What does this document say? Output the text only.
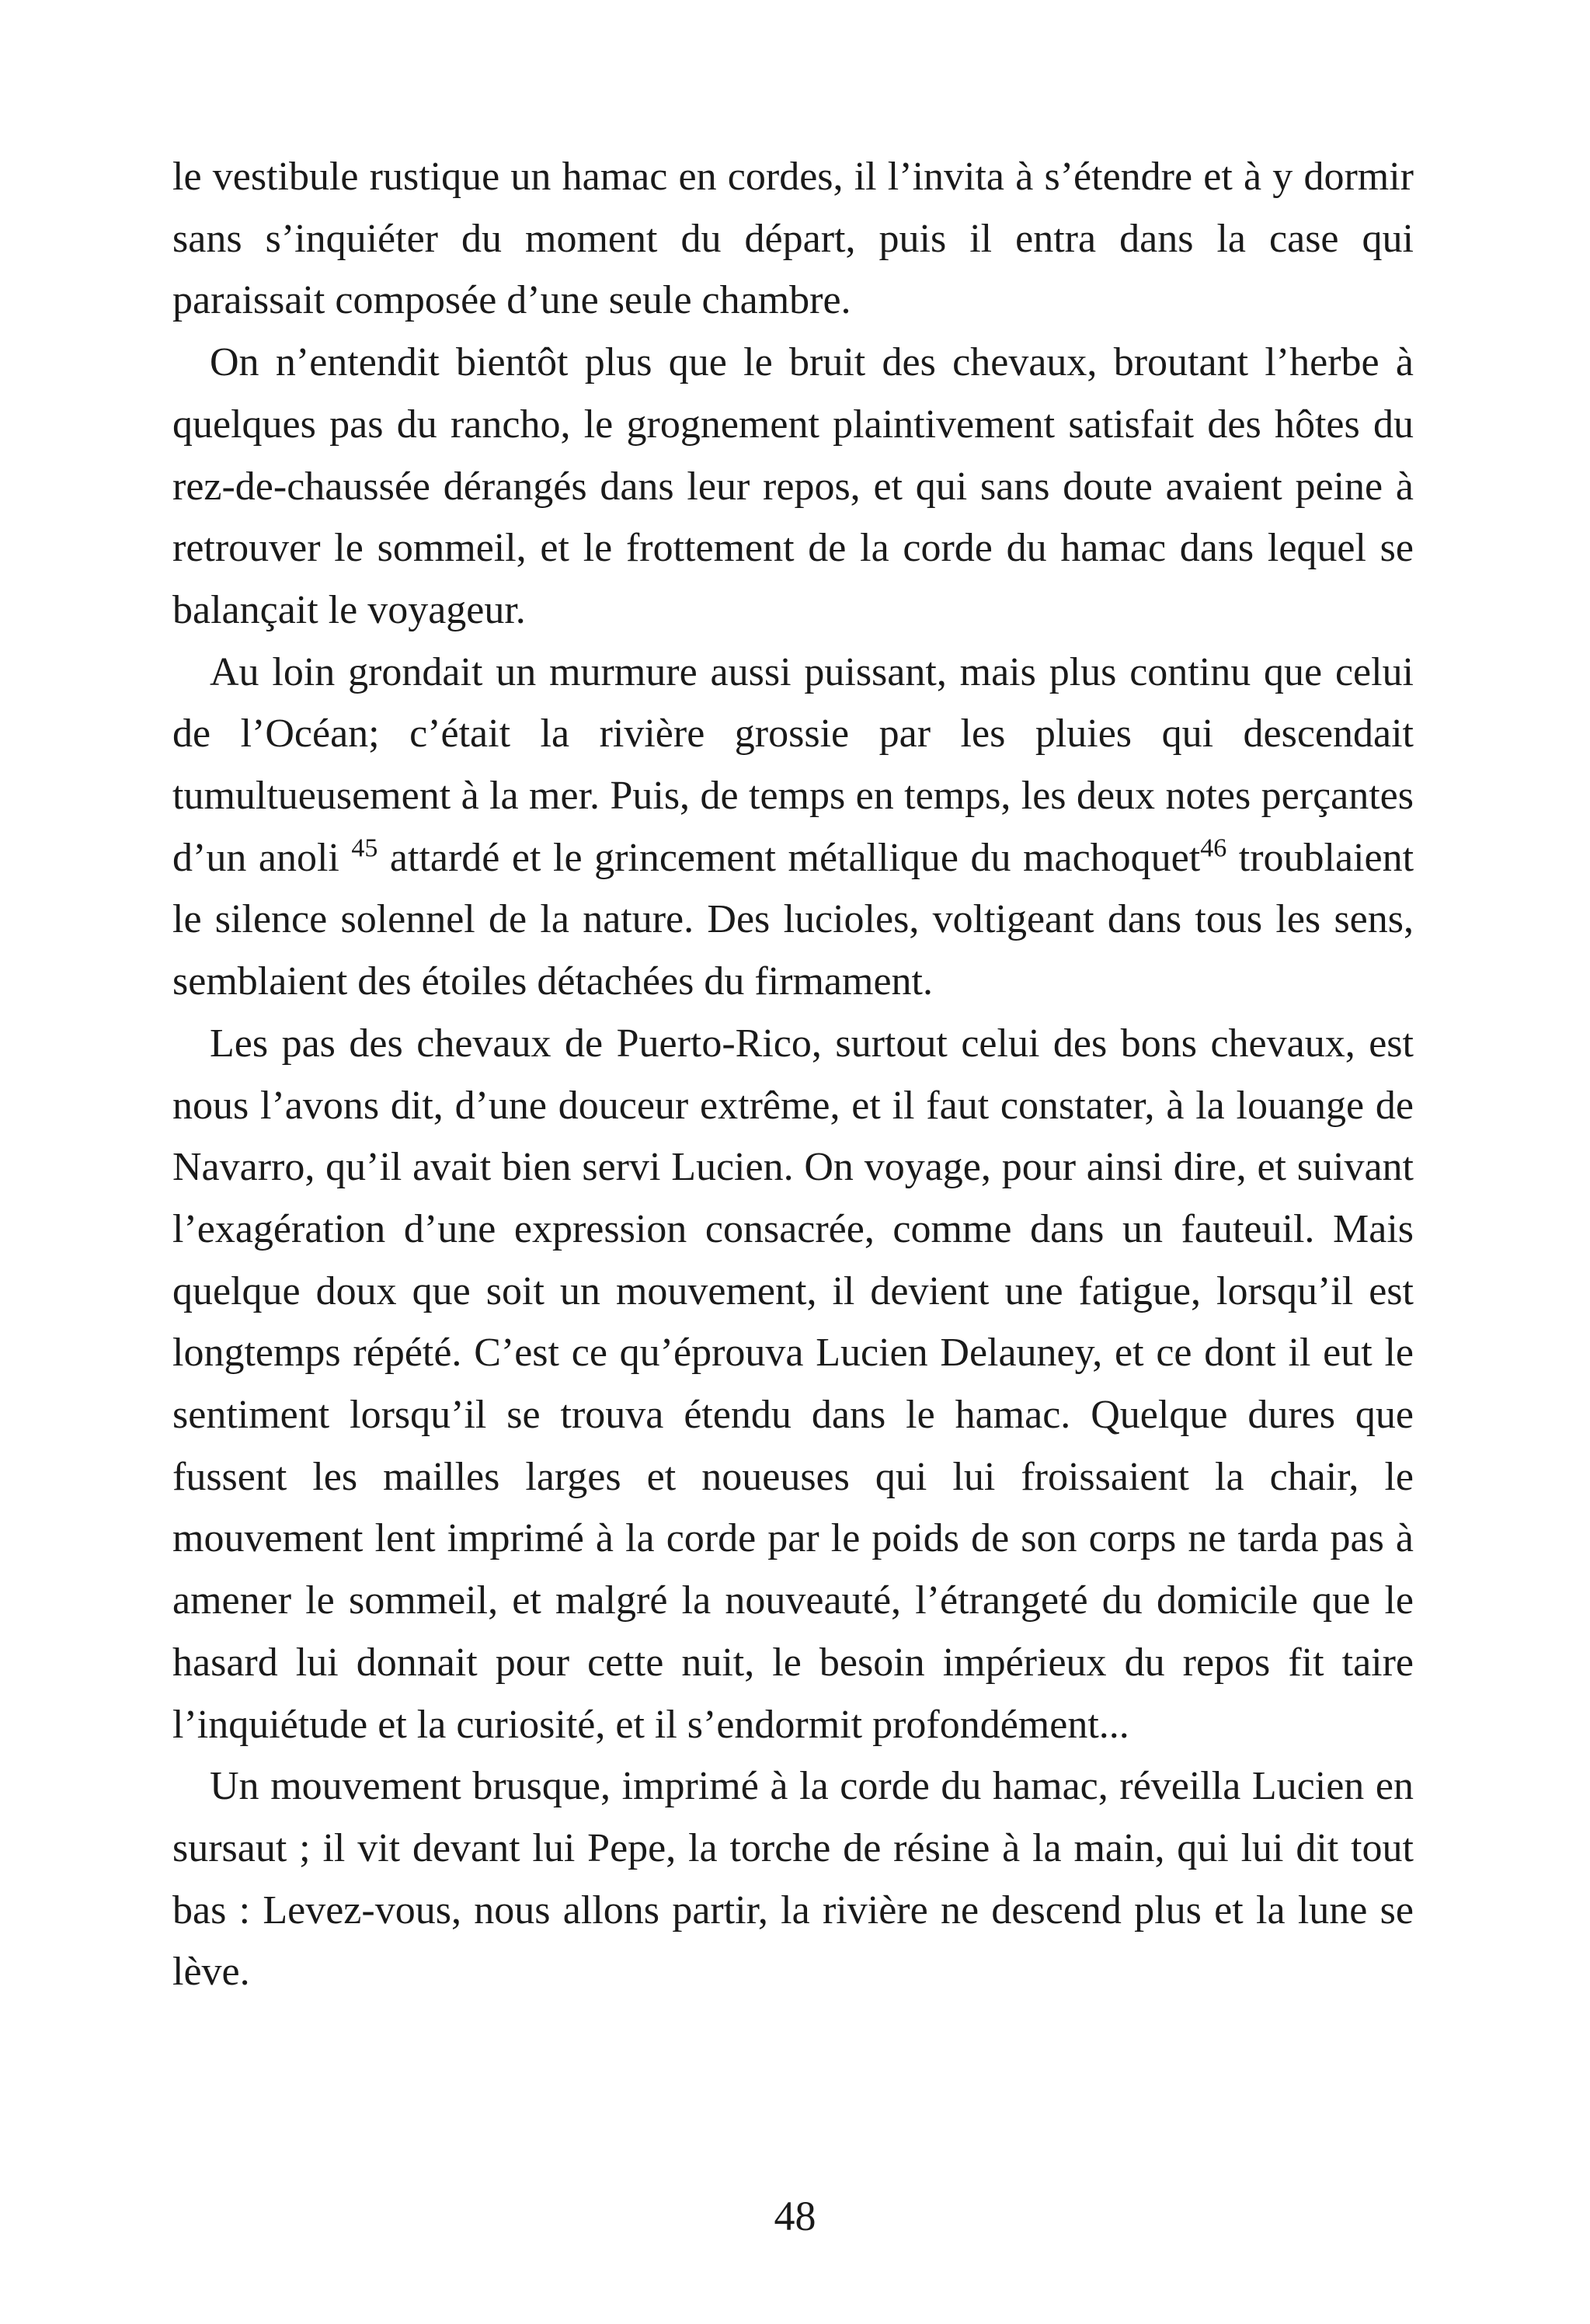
le vestibule rustique un hamac en cordes, il l’invita à s’étendre et à y dormir sans s’inquiéter du moment du départ, puis il entra dans la case qui paraissait composée d’une seule chambre.

On n’entendit bientôt plus que le bruit des chevaux, broutant l’herbe à quelques pas du rancho, le grognement plaintivement satisfait des hôtes du rez-de-chaussée dérangés dans leur repos, et qui sans doute avaient peine à retrouver le sommeil, et le frottement de la corde du hamac dans lequel se balançait le voyageur.

Au loin grondait un murmure aussi puissant, mais plus continu que celui de l’Océan; c’était la rivière grossie par les pluies qui descendait tumultueusement à la mer. Puis, de temps en temps, les deux notes perçantes d’un anoli $^{45}$ attardé et le grincement métallique du machoquet$^{46}$ troublaient le silence solennel de la nature. Des lucioles, voltigeant dans tous les sens, semblaient des étoiles détachées du firmament.

Les pas des chevaux de Puerto-Rico, surtout celui des bons chevaux, est nous l’avons dit, d’une douceur extrême, et il faut constater, à la louange de Navarro, qu’il avait bien servi Lucien. On voyage, pour ainsi dire, et suivant l’exagération d’une expression consacrée, comme dans un fauteuil. Mais quelque doux que soit un mouvement, il devient une fatigue, lorsqu’il est longtemps répété. C’est ce qu’éprouva Lucien Delauney, et ce dont il eut le sentiment lorsqu’il se trouva étendu dans le hamac. Quelque dures que fussent les mailles larges et noueuses qui lui froissaient la chair, le mouvement lent imprimé à la corde par le poids de son corps ne tarda pas à amener le sommeil, et malgré la nouveauté, l’étrangeté du domicile que le hasard lui donnait pour cette nuit, le besoin impérieux du repos fit taire l’inquiétude et la curiosité, et il s’endormit profondément...

Un mouvement brusque, imprimé à la corde du hamac, réveilla Lucien en sursaut ; il vit devant lui Pepe, la torche de résine à la main, qui lui dit tout bas : Levez-vous, nous allons partir, la rivière ne descend plus et la lune se lève.

48
